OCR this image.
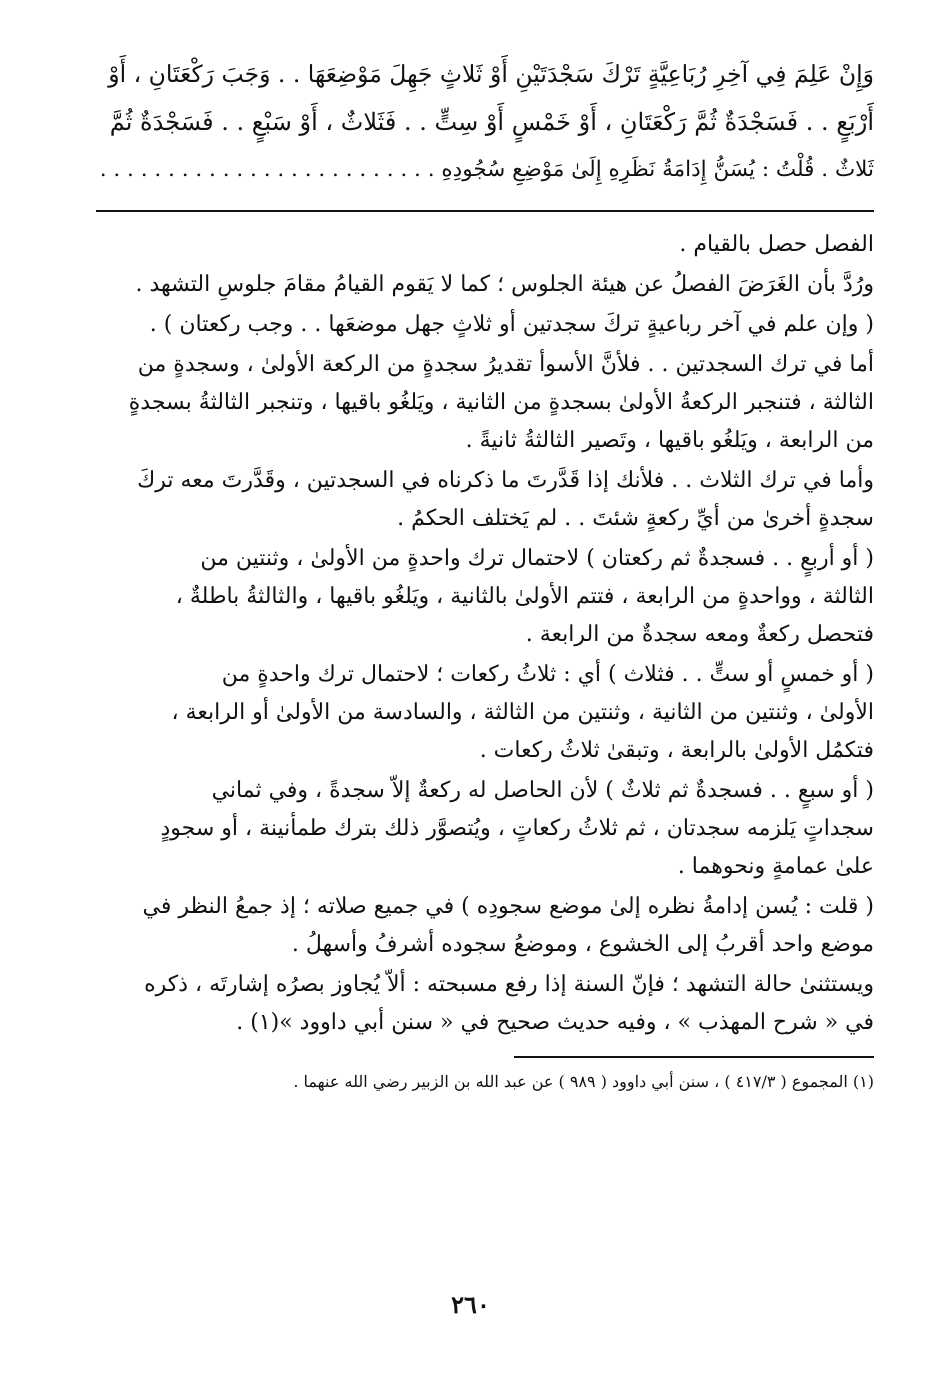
وَإِنْ عَلِمَ فِي آخِرِ رُبَاعِيَّةٍ تَرْكَ سَجْدَتَيْنِ أَوْ ثَلاثٍ جَهِلَ مَوْضِعَهَا . . وَجَبَ رَكْعَتَانِ ، أَوْ
أَرْبَعٍ . . فَسَجْدَةٌ ثُمَّ رَكْعَتَانِ ، أَوْ خَمْسٍ أَوْ سِتٍّ . . فَثَلاثٌ ، أَوْ سَبْعٍ . . فَسَجْدَةٌ ثُمَّ
ثَلاثٌ . قُلْتُ : يُسَنُّ إِدَامَةُ نَظَرِهِ إِلَىٰ مَوْضِعِ سُجُودِهِ . . . . . . . . . . . . . . . . . . . . . . . . .
الفصل حصل بالقيام .
ورُدَّ بأن الغَرَضَ الفصلُ عن هيئة الجلوس ؛ كما لا يَقوم القيامُ مقامَ جلوسِ التشهد .
( وإن علم في آخر رباعيةٍ تركَ سجدتين أو ثلاثٍ جهل موضعَها . . وجب ركعتان ) .
أما في ترك السجدتين . . فلأنَّ الأسوأ تقديرُ سجدةٍ من الركعة الأولىٰ ، وسجدةٍ من
الثالثة ، فتنجبر الركعةُ الأولىٰ بسجدةٍ من الثانية ، ويَلغُو باقيها ، وتنجبر الثالثةُ بسجدةٍ
من الرابعة ، ويَلغُو باقيها ، وتَصير الثالثةُ ثانيةً .
وأما في ترك الثلاث . . فلأنك إذا قَدَّرتَ ما ذكرناه في السجدتين ، وقَدَّرتَ معه تركَ
سجدةٍ أخرىٰ من أيِّ ركعةٍ شئتَ . . لم يَختلف الحكمُ .
( أو أربعٍ . . فسجدةٌ ثم ركعتان ) لاحتمال ترك واحدةٍ من الأولىٰ ، وثنتين من
الثالثة ، وواحدةٍ من الرابعة ، فتتم الأولىٰ بالثانية ، ويَلغُو باقيها ، والثالثةُ باطلةٌ ،
فتحصل ركعةٌ ومعه سجدةٌ من الرابعة .
( أو خمسٍ أو ستٍّ . . فثلاث ) أي : ثلاثُ ركعات ؛ لاحتمال ترك واحدةٍ من
الأولىٰ ، وثنتين من الثانية ، وثنتين من الثالثة ، والسادسة من الأولىٰ أو الرابعة ،
فتكمُل الأولىٰ بالرابعة ، وتبقىٰ ثلاثُ ركعات .
( أو سبعٍ . . فسجدةٌ ثم ثلاثٌ ) لأن الحاصل له ركعةٌ إلاّ سجدةً ، وفي ثماني
سجداتٍ يَلزمه سجدتان ، ثم ثلاثُ ركعاتٍ ، ويُتصوَّر ذلك بترك طمأنينة ، أو سجودٍ
علىٰ عمامةٍ ونحوهما .
( قلت : يُسن إدامةُ نظره إلىٰ موضع سجودِه ) في جميع صلاته ؛ إذ جمعُ النظر في
موضع واحد أقربُ إلى الخشوع ، وموضعُ سجوده أشرفُ وأسهلُ .
ويستثنىٰ حالة التشهد ؛ فإنّ السنة إذا رفع مسبحته : ألاّ يُجاوز بصرُه إشارتَه ، ذكره
في « شرح المهذب » ، وفيه حديث صحيح في « سنن أبي داوود »(١) .
(١) المجموع ( ٤١٧/٣ ) ، سنن أبي داوود ( ٩٨٩ ) عن عبد الله بن الزبير رضي الله عنهما .
٢٦٠
